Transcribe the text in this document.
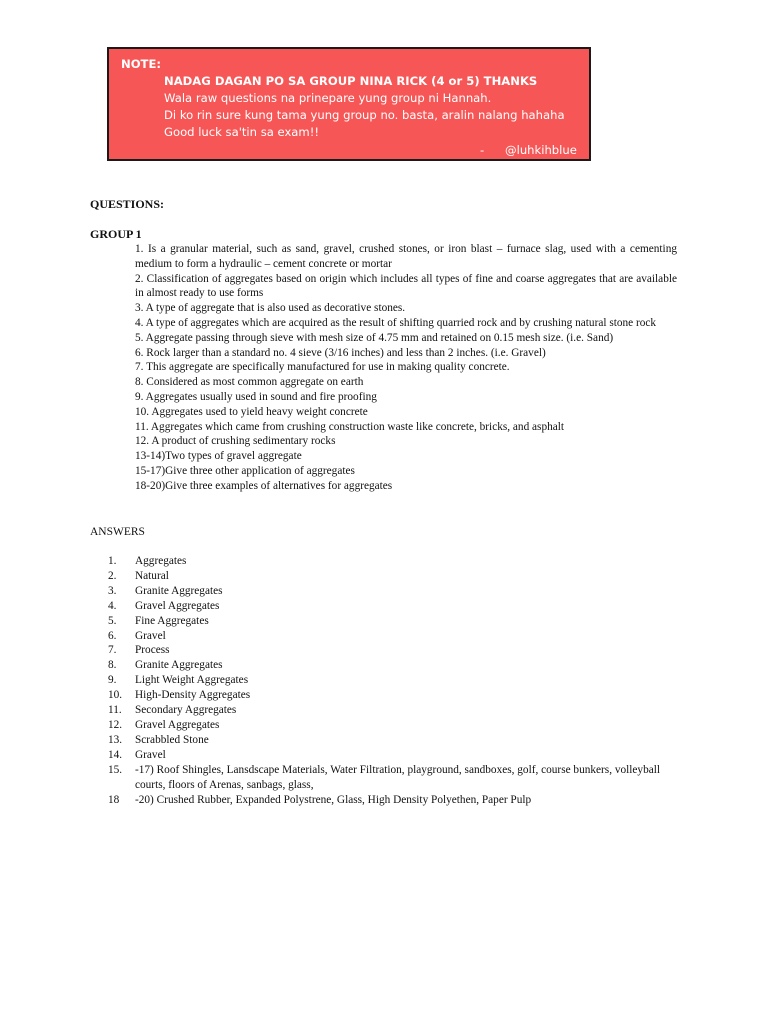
NOTE:
NADAG DAGAN PO SA GROUP NINA RICK (4 or 5) THANKS
Wala raw questions na prinepare yung group ni Hannah.
Di ko rin sure kung tama yung group no. basta, aralin nalang hahaha
Good luck sa'tin sa exam!!
- @luhkihblue
QUESTIONS:
GROUP 1

1. Is a granular material, such as sand, gravel, crushed stones, or iron blast – furnace slag, used with a cementing medium to form a hydraulic – cement concrete or mortar

2. Classification of aggregates based on origin which includes all types of fine and coarse aggregates that are available in almost ready to use forms

3. A type of aggregate that is also used as decorative stones.

4. A type of aggregates which are acquired as the result of shifting quarried rock and by crushing natural stone rock

5. Aggregate passing through sieve with mesh size of 4.75 mm and retained on 0.15 mesh size. (i.e. Sand)

6. Rock larger than a standard no. 4 sieve (3/16 inches) and less than 2 inches. (i.e. Gravel)

7. This aggregate are specifically manufactured for use in making quality concrete.

8. Considered as most common aggregate on earth

9. Aggregates usually used in sound and fire proofing

10. Aggregates used to yield heavy weight concrete

11. Aggregates which came from crushing construction waste like concrete, bricks, and asphalt

12. A product of crushing sedimentary rocks

13-14)Two types of gravel aggregate

15-17)Give three other application of aggregates

18-20)Give three examples of alternatives for aggregates

ANSWERS
1.	Aggregates
2.	Natural
3.	Granite Aggregates
4.	Gravel Aggregates
5.	Fine Aggregates
6.	Gravel
7.	Process
8.	Granite Aggregates
9.	Light Weight Aggregates
10.	High-Density Aggregates
11.	Secondary Aggregates
12.	Gravel Aggregates
13.	Scrabbled Stone
14.	Gravel
15.	-17) Roof Shingles, Lansdscape Materials, Water Filtration, playground, sandboxes, golf, course bunkers, volleyball courts, floors of Arenas, sanbags, glass,
18	-20) Crushed Rubber, Expanded Polystrene, Glass, High Density Polyethen, Paper Pulp
